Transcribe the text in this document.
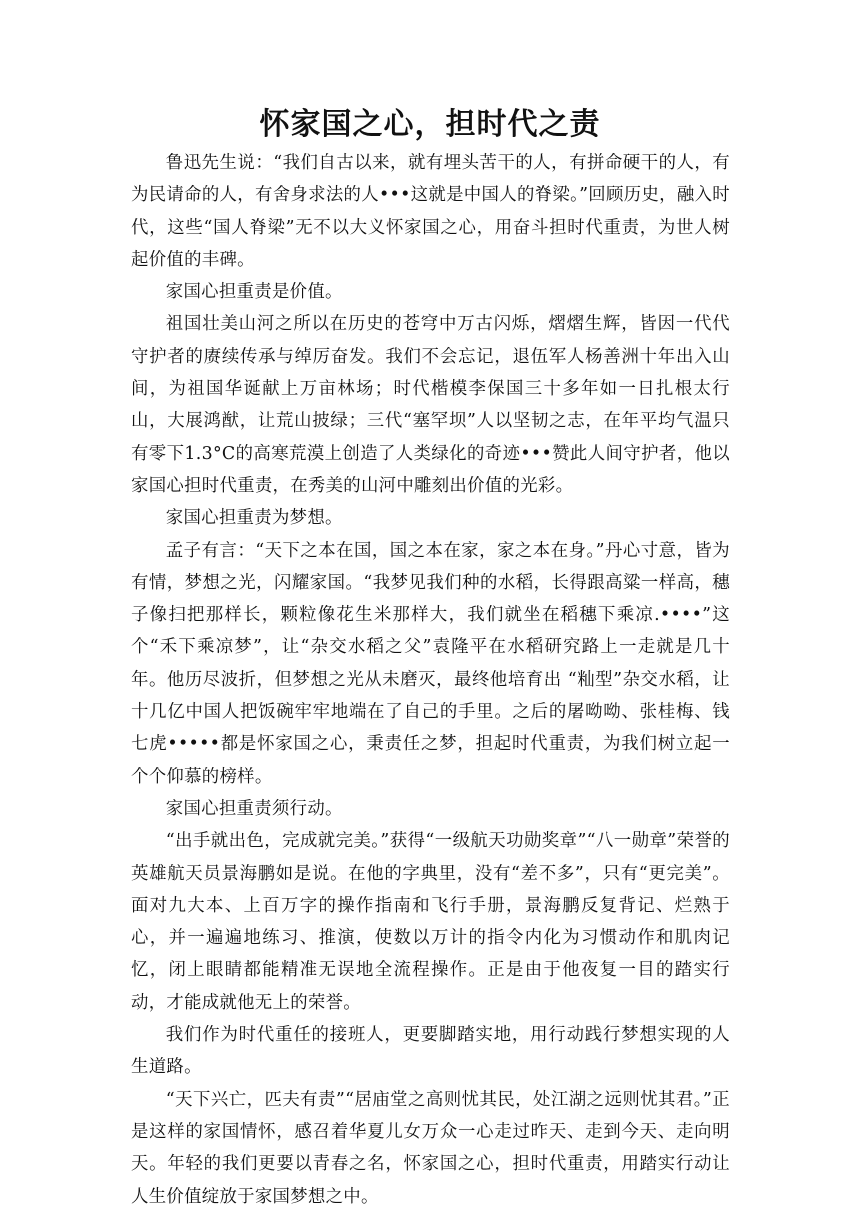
怀家国之心，担时代之责

鲁迅先生说：“我们自古以来，就有埋头苦干的人，有拼命硬干的人，有为民请命的人，有舍身求法的人•••这就是中国人的脊梁。”回顾历史，融入时代，这些“国人脊梁”无不以大义怀家国之心，用奋斗担时代重责，为世人树起价值的丰碑。

家国心担重责是价值。

祖国壮美山河之所以在历史的苍穹中万古闪烁，熠熠生辉，皆因一代代守护者的赓续传承与绰厉奋发。我们不会忘记，退伍军人杨善洲十年出入山间，为祖国华诞献上万亩林场；时代楷模李保国三十多年如一日扎根太行山，大展鸿猷，让荒山披绿；三代“塞罕坝”人以坚韧之志，在年平均气温只有零下1.3°C的高寒荒漠上创造了人类绿化的奇迹•••赞此人间守护者，他以家国心担时代重责，在秀美的山河中雕刻出价值的光彩。

家国心担重责为梦想。

孟子有言：“天下之本在国，国之本在家，家之本在身。”丹心寸意，皆为有情，梦想之光，闪耀家国。“我梦见我们种的水稻，长得跟高粱一样高，穗子像扫把那样长，颗粒像花生米那样大，我们就坐在稻穗下乘凉.••••”这个“禾下乘凉梦”，让“杂交水稻之父”袁隆平在水稻研究路上一走就是几十年。他历尽波折，但梦想之光从未磨灭，最终他培育出 “籼型”杂交水稻，让十几亿中国人把饭碗牢牢地端在了自己的手里。之后的屠呦呦、张桂梅、钱七虎•••••都是怀家国之心，秉责任之梦，担起时代重责，为我们树立起一个个仰慕的榜样。

家国心担重责须行动。

“出手就出色，完成就完美。”获得“一级航天功勋奖章”“八一勋章”荣誉的英雄航天员景海鹏如是说。在他的字典里，没有“差不多”，只有“更完美”。面对九大本、上百万字的操作指南和飞行手册，景海鹏反复背记、烂熟于心，并一遍遍地练习、推演，使数以万计的指令内化为习惯动作和肌肉记忆，闭上眼睛都能精准无误地全流程操作。正是由于他夜复一目的踏实行动，才能成就他无上的荣誉。

我们作为时代重任的接班人，更要脚踏实地，用行动践行梦想实现的人生道路。

“天下兴亡，匹夫有责”“居庙堂之高则忧其民，处江湖之远则忧其君。”正是这样的家国情怀，感召着华夏儿女万众一心走过昨天、走到今天、走向明天。年轻的我们更要以青春之名，怀家国之心，担时代重责，用踏实行动让人生价值绽放于家国梦想之中。
